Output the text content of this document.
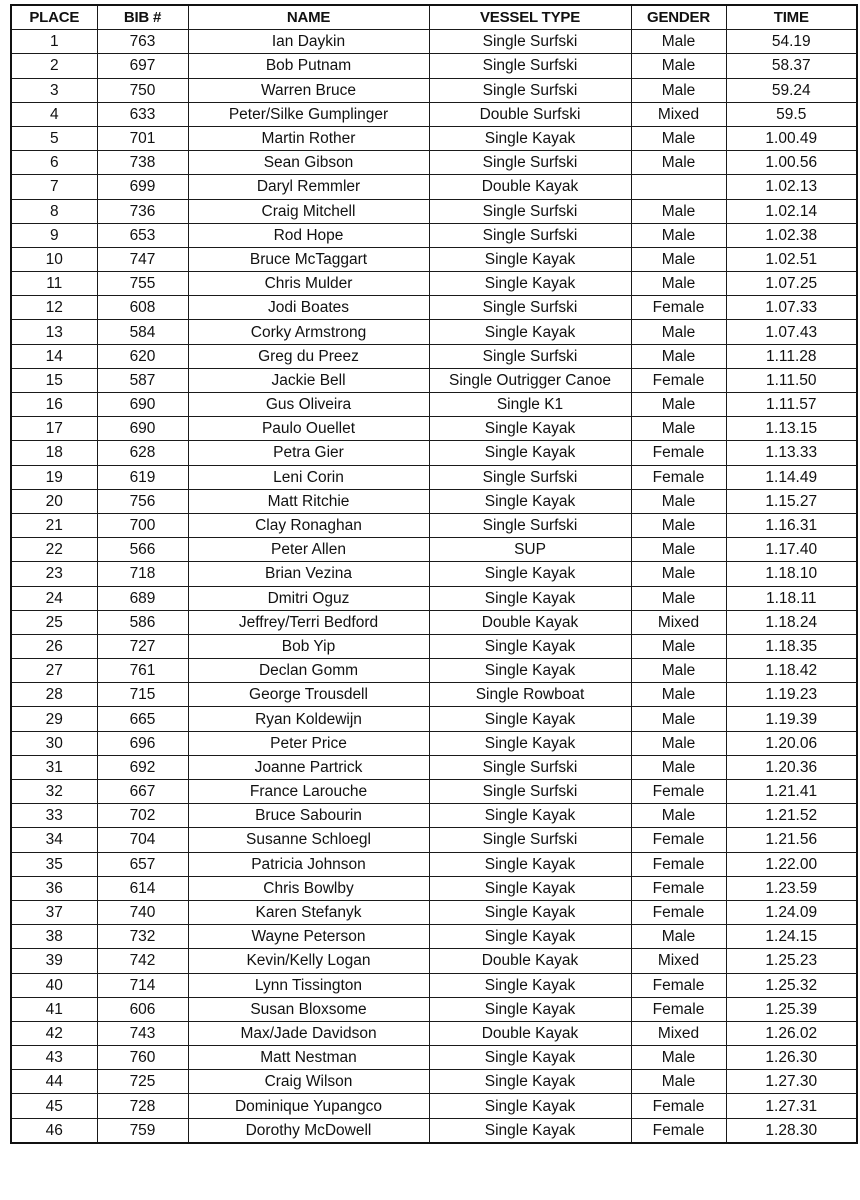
PLACE	BIB #	NAME	VESSEL TYPE	GENDER	TIME
1	763	Ian Daykin	Single Surfski	Male	54.19
2	697	Bob Putnam	Single Surfski	Male	58.37
3	750	Warren Bruce	Single Surfski	Male	59.24
4	633	Peter/Silke Gumplinger	Double Surfski	Mixed	59.5
5	701	Martin Rother	Single Kayak	Male	1.00.49
6	738	Sean Gibson	Single Surfski	Male	1.00.56
7	699	Daryl Remmler	Double Kayak		1.02.13
8	736	Craig Mitchell	Single Surfski	Male	1.02.14
9	653	Rod Hope	Single Surfski	Male	1.02.38
10	747	Bruce McTaggart	Single Kayak	Male	1.02.51
11	755	Chris Mulder	Single Kayak	Male	1.07.25
12	608	Jodi Boates	Single Surfski	Female	1.07.33
13	584	Corky Armstrong	Single Kayak	Male	1.07.43
14	620	Greg du Preez	Single Surfski	Male	1.11.28
15	587	Jackie Bell	Single Outrigger Canoe	Female	1.11.50
16	690	Gus Oliveira	Single K1	Male	1.11.57
17	690	Paulo Ouellet	Single Kayak	Male	1.13.15
18	628	Petra Gier	Single Kayak	Female	1.13.33
19	619	Leni Corin	Single Surfski	Female	1.14.49
20	756	Matt Ritchie	Single Kayak	Male	1.15.27
21	700	Clay Ronaghan	Single Surfski	Male	1.16.31
22	566	Peter Allen	SUP	Male	1.17.40
23	718	Brian Vezina	Single Kayak	Male	1.18.10
24	689	Dmitri Oguz	Single Kayak	Male	1.18.11
25	586	Jeffrey/Terri Bedford	Double Kayak	Mixed	1.18.24
26	727	Bob Yip	Single Kayak	Male	1.18.35
27	761	Declan Gomm	Single Kayak	Male	1.18.42
28	715	George Trousdell	Single Rowboat	Male	1.19.23
29	665	Ryan Koldewijn	Single Kayak	Male	1.19.39
30	696	Peter Price	Single Kayak	Male	1.20.06
31	692	Joanne Partrick	Single Surfski	Male	1.20.36
32	667	France Larouche	Single Surfski	Female	1.21.41
33	702	Bruce Sabourin	Single Kayak	Male	1.21.52
34	704	Susanne Schloegl	Single Surfski	Female	1.21.56
35	657	Patricia Johnson	Single Kayak	Female	1.22.00
36	614	Chris Bowlby	Single Kayak	Female	1.23.59
37	740	Karen Stefanyk	Single Kayak	Female	1.24.09
38	732	Wayne Peterson	Single Kayak	Male	1.24.15
39	742	Kevin/Kelly Logan	Double Kayak	Mixed	1.25.23
40	714	Lynn Tissington	Single Kayak	Female	1.25.32
41	606	Susan Bloxsome	Single Kayak	Female	1.25.39
42	743	Max/Jade Davidson	Double Kayak	Mixed	1.26.02
43	760	Matt Nestman	Single Kayak	Male	1.26.30
44	725	Craig Wilson	Single Kayak	Male	1.27.30
45	728	Dominique Yupangco	Single Kayak	Female	1.27.31
46	759	Dorothy McDowell	Single Kayak	Female	1.28.30
